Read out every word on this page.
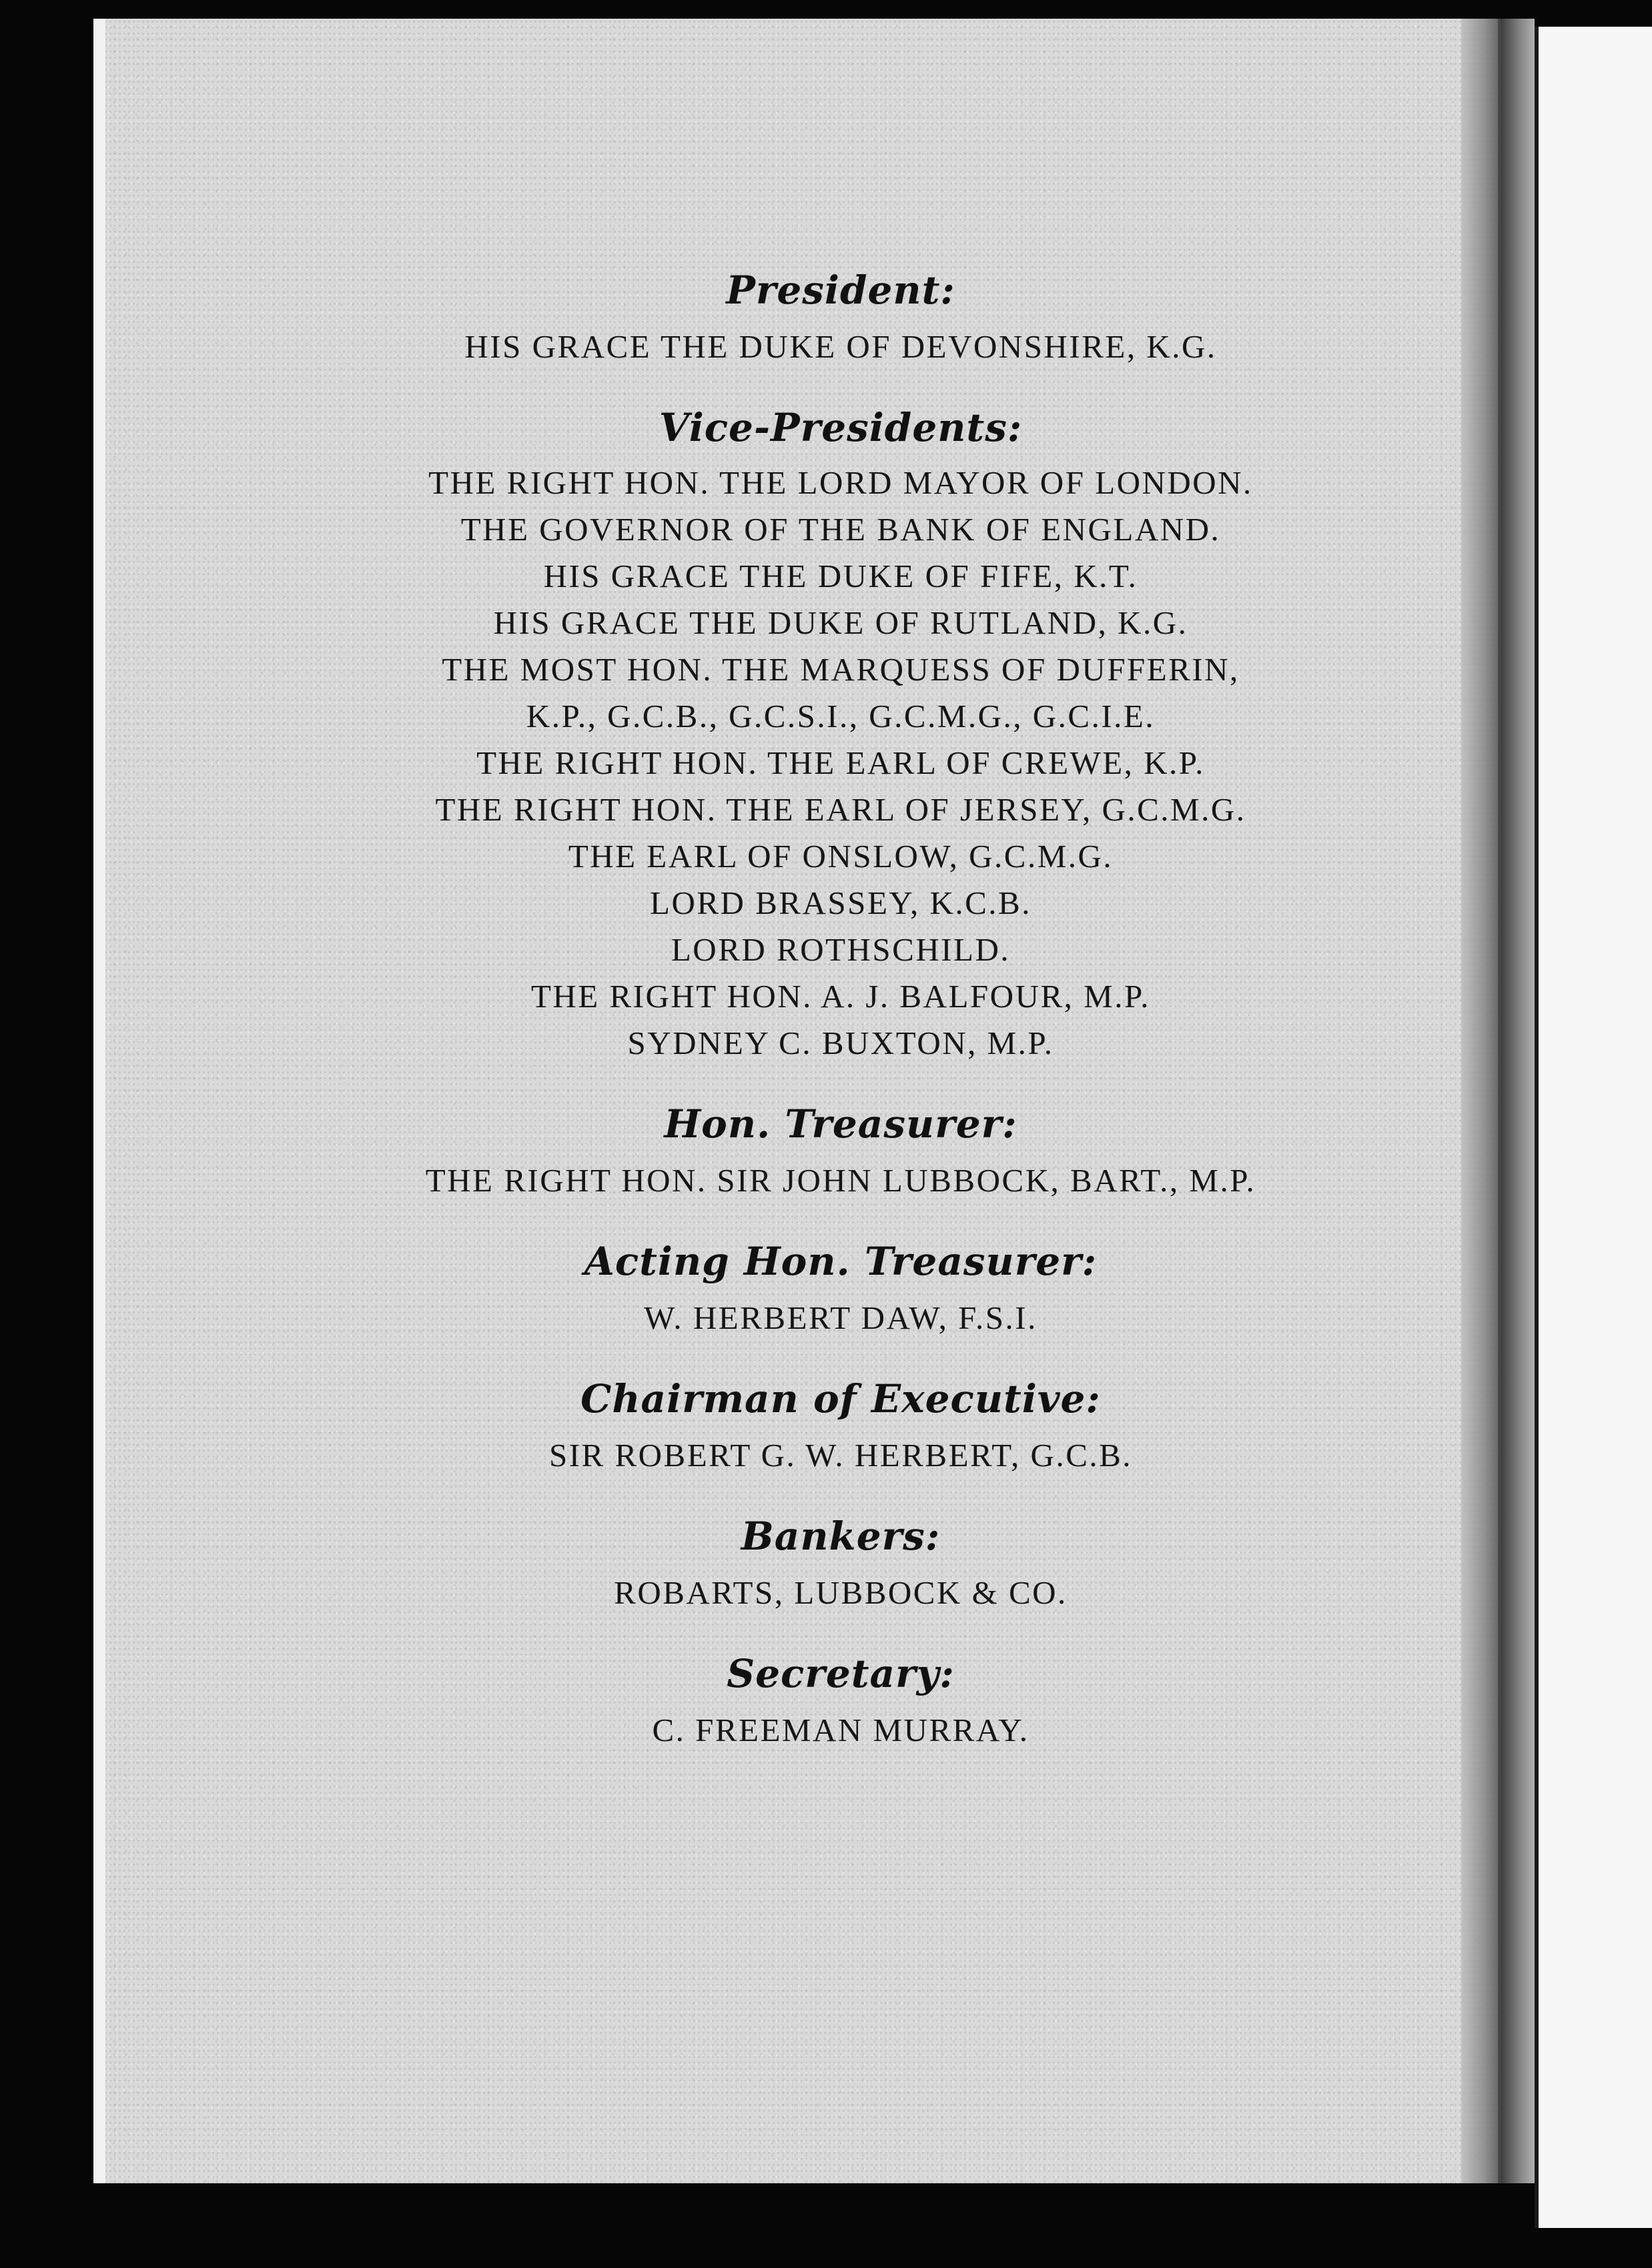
President:

HIS GRACE THE DUKE OF DEVONSHIRE, K.G.

Vice-Presidents:

THE RIGHT HON. THE LORD MAYOR OF LONDON.

THE GOVERNOR OF THE BANK OF ENGLAND.

HIS GRACE THE DUKE OF FIFE, K.T.

HIS GRACE THE DUKE OF RUTLAND, K.G.

THE MOST HON. THE MARQUESS OF DUFFERIN,

K.P., G.C.B., G.C.S.I., G.C.M.G., G.C.I.E.

THE RIGHT HON. THE EARL OF CREWE, K.P.

THE RIGHT HON. THE EARL OF JERSEY, G.C.M.G.

THE EARL OF ONSLOW, G.C.M.G.

LORD BRASSEY, K.C.B.

LORD ROTHSCHILD.

THE RIGHT HON. A. J. BALFOUR, M.P.

SYDNEY C. BUXTON, M.P.

Hon. Treasurer:

THE RIGHT HON. SIR JOHN LUBBOCK, BART., M.P.

Acting Hon. Treasurer:

W. HERBERT DAW, F.S.I.

Chairman of Executive:

SIR ROBERT G. W. HERBERT, G.C.B.

Bankers:

ROBARTS, LUBBOCK & CO.

Secretary:

C. FREEMAN MURRAY.
